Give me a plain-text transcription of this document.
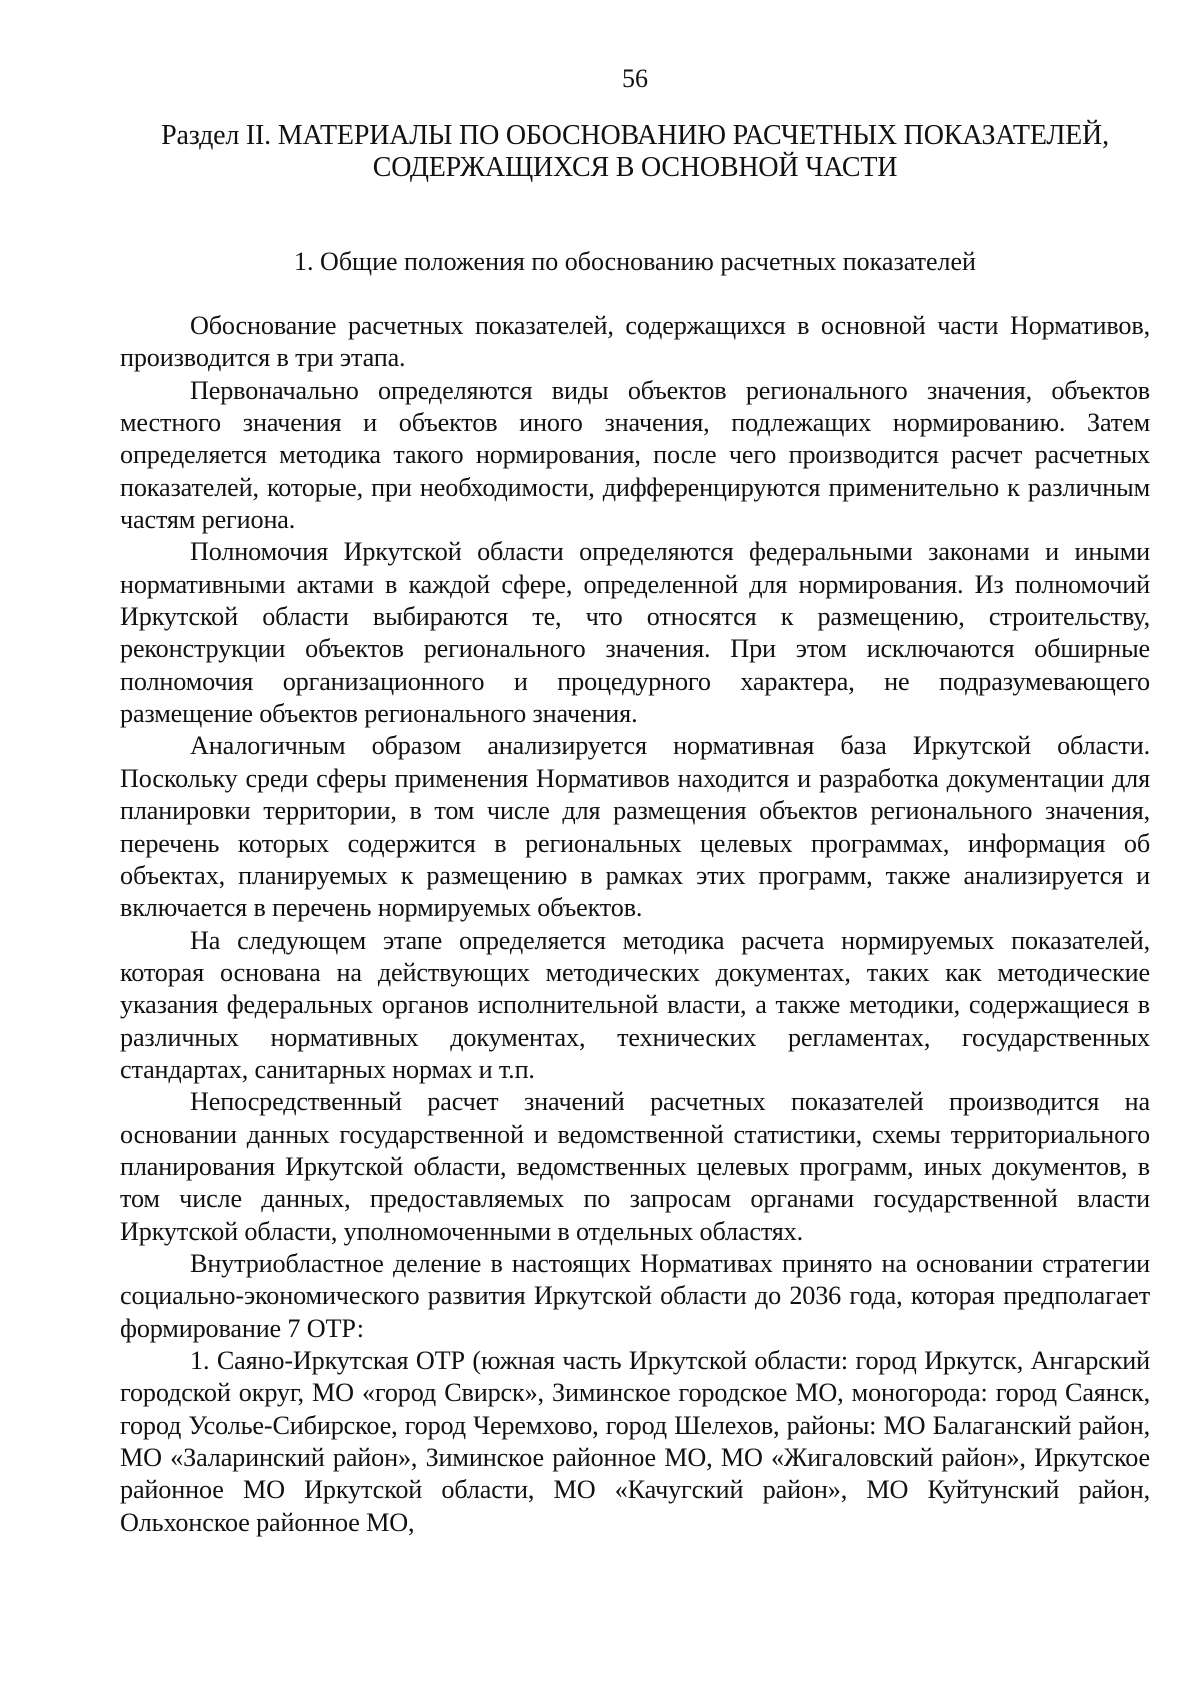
56
Раздел II. МАТЕРИАЛЫ ПО ОБОСНОВАНИЮ РАСЧЕТНЫХ ПОКАЗАТЕЛЕЙ,
СОДЕРЖАЩИХСЯ В ОСНОВНОЙ ЧАСТИ
1. Общие положения по обоснованию расчетных показателей

Обоснование расчетных показателей, содержащихся в основной части Нормативов, производится в три этапа.

Первоначально определяются виды объектов регионального значения, объектов местного значения и объектов иного значения, подлежащих нормированию. Затем определяется методика такого нормирования, после чего производится расчет расчетных показателей, которые, при необходимости, дифференцируются применительно к различным частям региона.

Полномочия Иркутской области определяются федеральными законами и иными нормативными актами в каждой сфере, определенной для нормирования. Из полномочий Иркутской области выбираются те, что относятся к размещению, строительству, реконструкции объектов регионального значения. При этом исключаются обширные полномочия организационного и процедурного характера, не подразумевающего размещение объектов регионального значения.

Аналогичным образом анализируется нормативная база Иркутской области. Поскольку среди сферы применения Нормативов находится и разработка документации для планировки территории, в том числе для размещения объектов регионального значения, перечень которых содержится в региональных целевых программах, информация об объектах, планируемых к размещению в рамках этих программ, также анализируется и включается в перечень нормируемых объектов.

На следующем этапе определяется методика расчета нормируемых показателей, которая основана на действующих методических документах, таких как методические указания федеральных органов исполнительной власти, а также методики, содержащиеся в различных нормативных документах, технических регламентах, государственных стандартах, санитарных нормах и т.п.

Непосредственный расчет значений расчетных показателей производится на основании данных государственной и ведомственной статистики, схемы территориального планирования Иркутской области, ведомственных целевых программ, иных документов, в том числе данных, предоставляемых по запросам органами государственной власти Иркутской области, уполномоченными в отдельных областях.

Внутриобластное деление в настоящих Нормативах принято на основании стратегии социально-экономического развития Иркутской области до 2036 года, которая предполагает формирование 7 ОТР:

1. Саяно-Иркутская ОТР (южная часть Иркутской области: город Иркутск, Ангарский городской округ, МО «город Свирск», Зиминское городское МО, моногорода: город Саянск, город Усолье-Сибирское, город Черемхово, город Шелехов, районы: МО Балаганский район, МО «Заларинский район», Зиминское районное МО, МО «Жигаловский район», Иркутское районное МО Иркутской области, МО «Качугский район», МО Куйтунский район, Ольхонское районное МО,
